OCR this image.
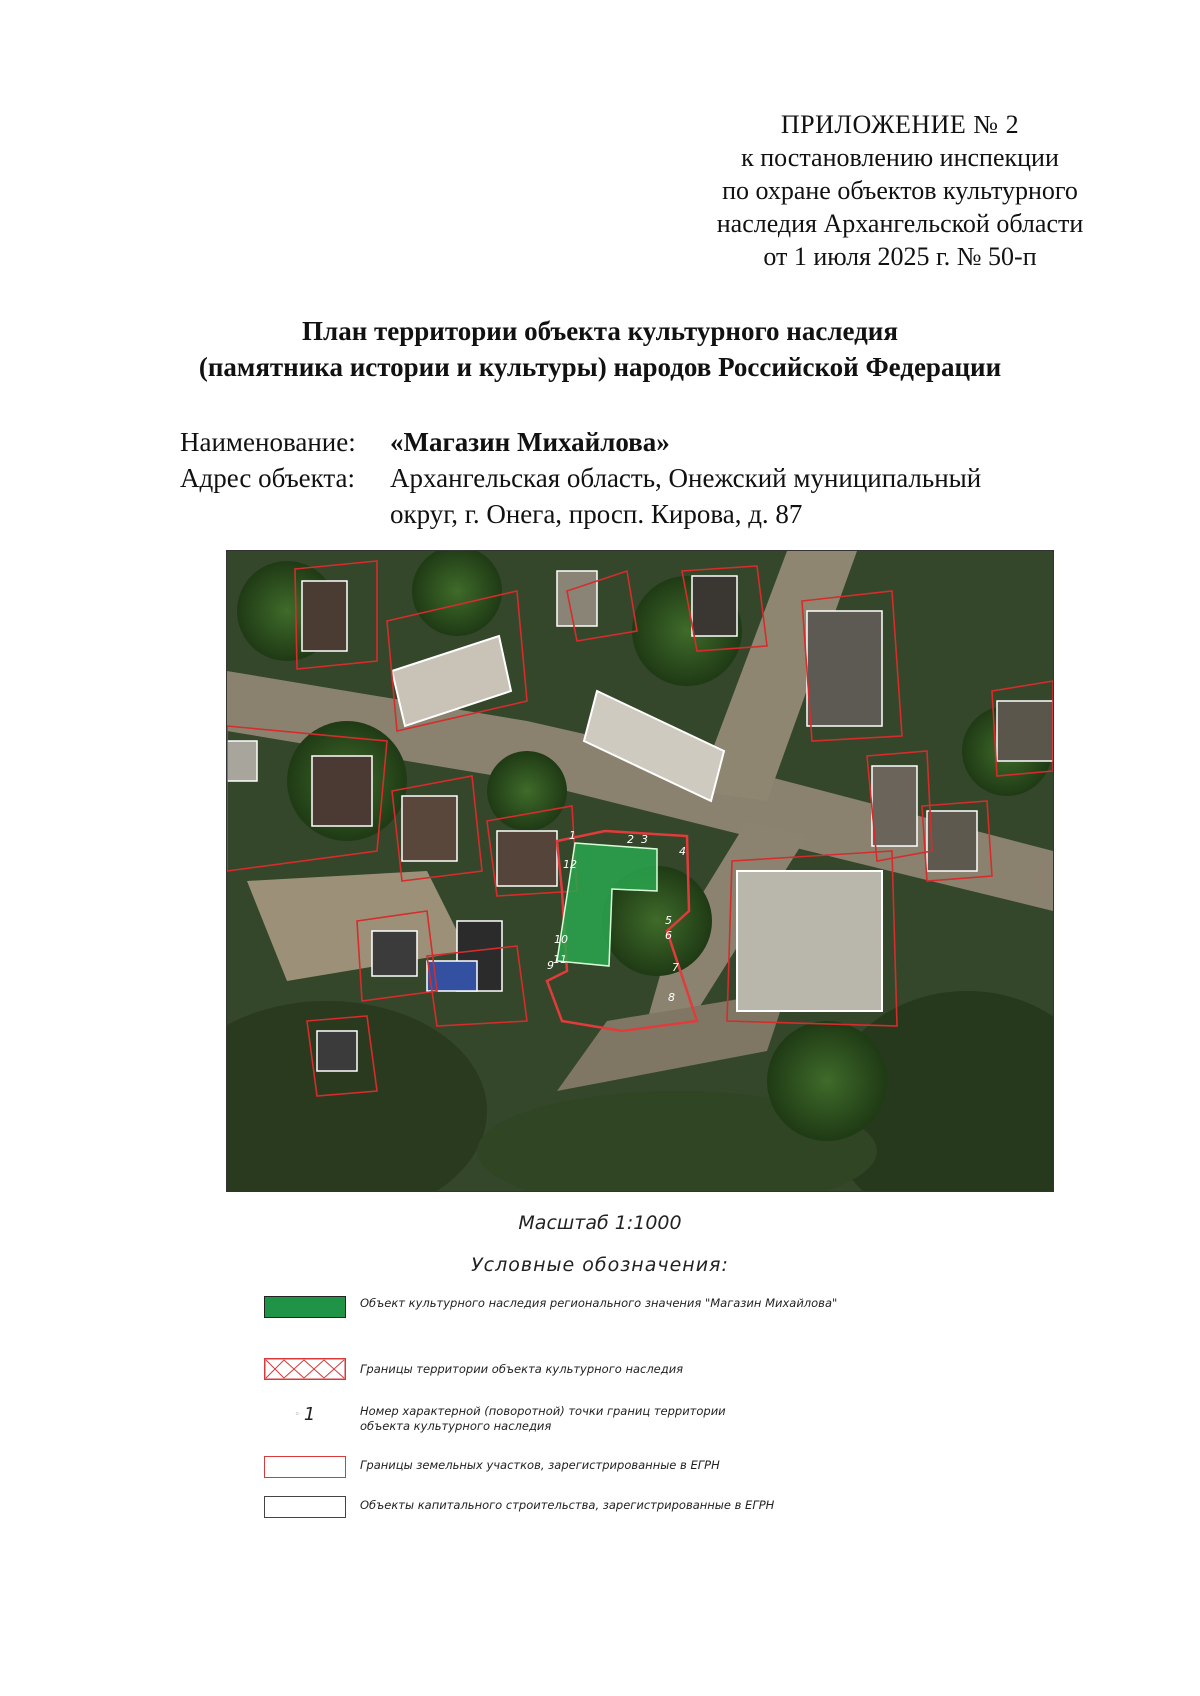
ПРИЛОЖЕНИЕ № 2
к постановлению инспекции
по охране объектов культурного
наследия Архангельской области
от 1 июля 2025 г. № 50-п
План территории объекта культурного наследия
(памятника истории и культуры) народов Российской Федерации
Наименование:	«Магазин Михайлова»
Адрес объекта:	Архангельская область, Онежский муниципальный
округ, г. Онега, просп. Кирова, д. 87
1	2 3
4
5
6
7
8
9
10
11
12
Масштаб 1:1000
Условные обозначения:
Объект культурного наследия регионального значения "Магазин Михайлова"
Границы территории объекта культурного наследия
◦ 1	Номер характерной (поворотной) точки границ территории
объекта культурного наследия
Границы земельных участков, зарегистрированные в ЕГРН
Объекты капитального строительства, зарегистрированные в ЕГРН
